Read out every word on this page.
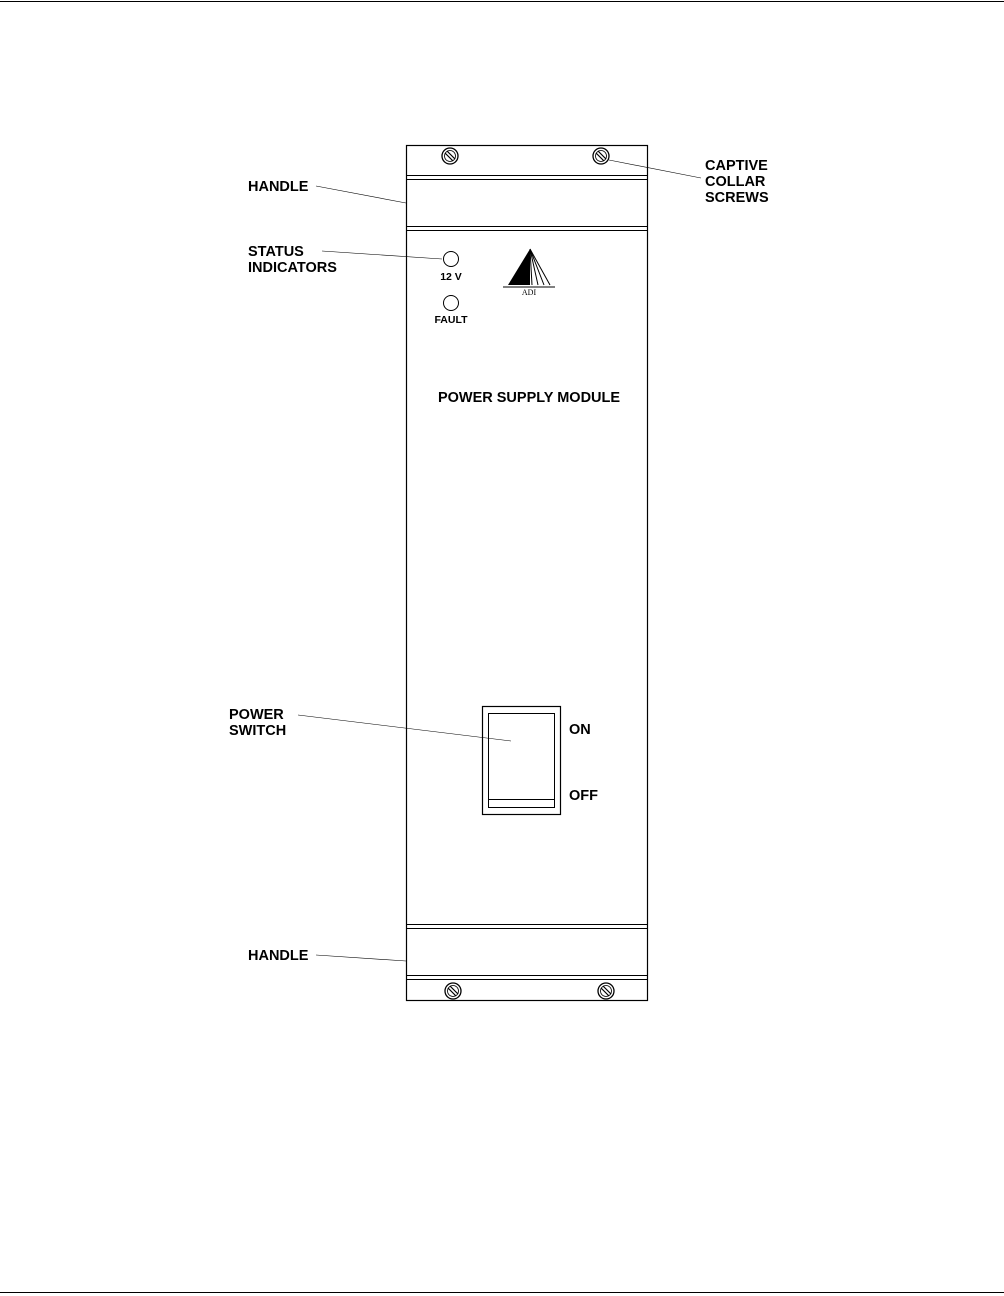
12 V
FAULT
ADI
POWER SUPPLY MODULE
ON
OFF
HANDLE
CAPTIVE
COLLAR
SCREWS
STATUS
INDICATORS
POWER
SWITCH
HANDLE
